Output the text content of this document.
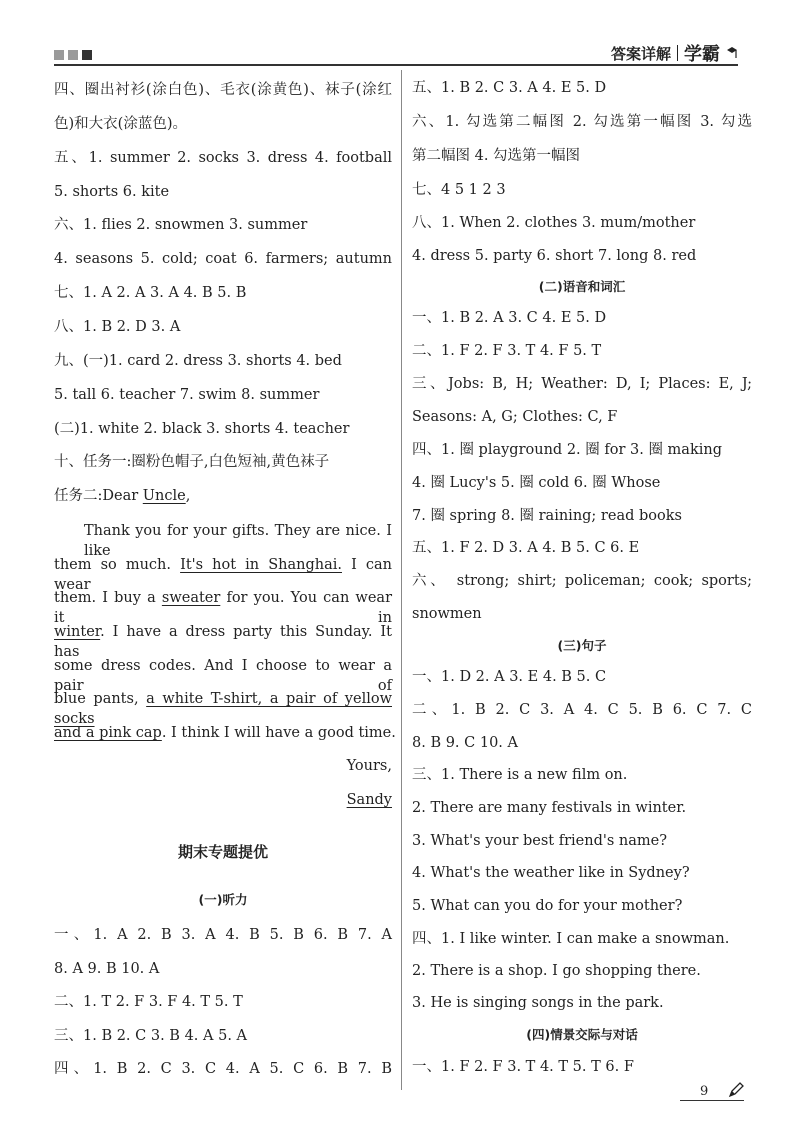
答案详解 学霸
四、圈出衬衫(涂白色)、毛衣(涂黄色)、袜子(涂红
色)和大衣(涂蓝色)。
五、1. summer 2. socks 3. dress 4. football
5. shorts 6. kite
六、1. flies 2. snowmen 3. summer
4. seasons 5. cold; coat 6. farmers; autumn
七、1. A 2. A 3. A 4. B 5. B
八、1. B 2. D 3. A
九、(一)1. card 2. dress 3. shorts 4. bed
5. tall 6. teacher 7. swim 8. summer
(二)1. white 2. black 3. shorts 4. teacher
十、任务一:圈粉色帽子,白色短袖,黄色袜子
任务二:Dear Uncle,
Thank you for your gifts. They are nice. I like
them so much. It's hot in Shanghai. I can wear
them. I buy a sweater for you. You can wear it in
winter. I have a dress party this Sunday. It has
some dress codes. And I choose to wear a pair of
blue pants, a white T-shirt, a pair of yellow socks
and a pink cap. I think I will have a good time.
Yours,
Sandy
期末专题提优
(一)听力
一、1. A 2. B 3. A 4. B 5. B 6. B 7. A
8. A 9. B 10. A
二、1. T 2. F 3. F 4. T 5. T
三、1. B 2. C 3. B 4. A 5. A
四、1. B 2. C 3. C 4. A 5. C 6. B 7. B
五、1. B 2. C 3. A 4. E 5. D
六、1. 勾选第二幅图 2. 勾选第一幅图 3. 勾选
第二幅图 4. 勾选第一幅图
七、4 5 1 2 3
八、1. When 2. clothes 3. mum/mother
4. dress 5. party 6. short 7. long 8. red
(二)语音和词汇
一、1. B 2. A 3. C 4. E 5. D
二、1. F 2. F 3. T 4. F 5. T
三、Jobs: B, H; Weather: D, I; Places: E, J;
Seasons: A, G; Clothes: C, F
四、1. 圈 playground 2. 圈 for 3. 圈 making
4. 圈 Lucy's 5. 圈 cold 6. 圈 Whose
7. 圈 spring 8. 圈 raining; read books
五、1. F 2. D 3. A 4. B 5. C 6. E
六、 strong; shirt; policeman; cook; sports;
snowmen
(三)句子
一、1. D 2. A 3. E 4. B 5. C
二、1. B 2. C 3. A 4. C 5. B 6. C 7. C
8. B 9. C 10. A
三、1. There is a new film on.
2. There are many festivals in winter.
3. What's your best friend's name?
4. What's the weather like in Sydney?
5. What can you do for your mother?
四、1. I like winter. I can make a snowman.
2. There is a shop. I go shopping there.
3. He is singing songs in the park.
(四)情景交际与对话
一、1. F 2. F 3. T 4. T 5. T 6. F
9
